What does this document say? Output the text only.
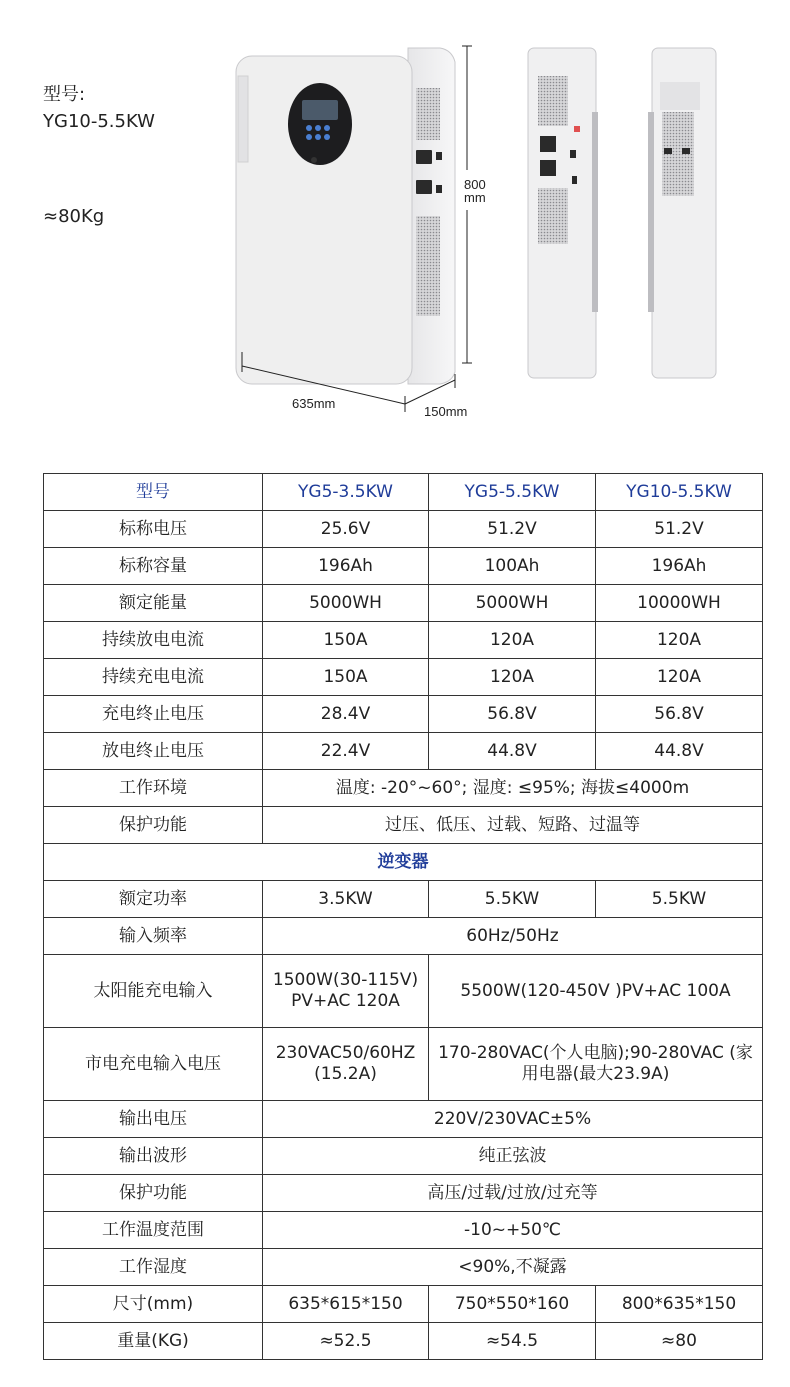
型号:
YG10-5.5KW
≈80Kg
800
mm
635mm
150mm
型号	YG5-3.5KW	YG5-5.5KW	YG10-5.5KW
标称电压	25.6V	51.2V	51.2V
标称容量	196Ah	100Ah	196Ah
额定能量	5000WH	5000WH	10000WH
持续放电电流	150A	120A	120A
持续充电电流	150A	120A	120A
充电终止电压	28.4V	56.8V	56.8V
放电终止电压	22.4V	44.8V	44.8V
工作环境	温度: -20°~60°; 湿度: ≤95%; 海拔≤4000m		
保护功能	过压、低压、过载、短路、过温等		
逆变器			
额定功率	3.5KW	5.5KW	5.5KW
输入频率	60Hz/50Hz		
太阳能充电输入	1500W(30-115V) PV+AC 120A	5500W(120-450V )PV+AC 100A	
市电充电输入电压	230VAC50/60HZ (15.2A)	170-280VAC(个人电脑);90-280VAC (家用电器(最大23.9A)	
输出电压	220V/230VAC±5%		
输出波形	纯正弦波		
保护功能	高压/过载/过放/过充等		
工作温度范围	-10~+50℃		
工作湿度	<90%,不凝露		
尺寸(mm)	635*615*150	750*550*160	800*635*150
重量(KG)	≈52.5	≈54.5	≈80
